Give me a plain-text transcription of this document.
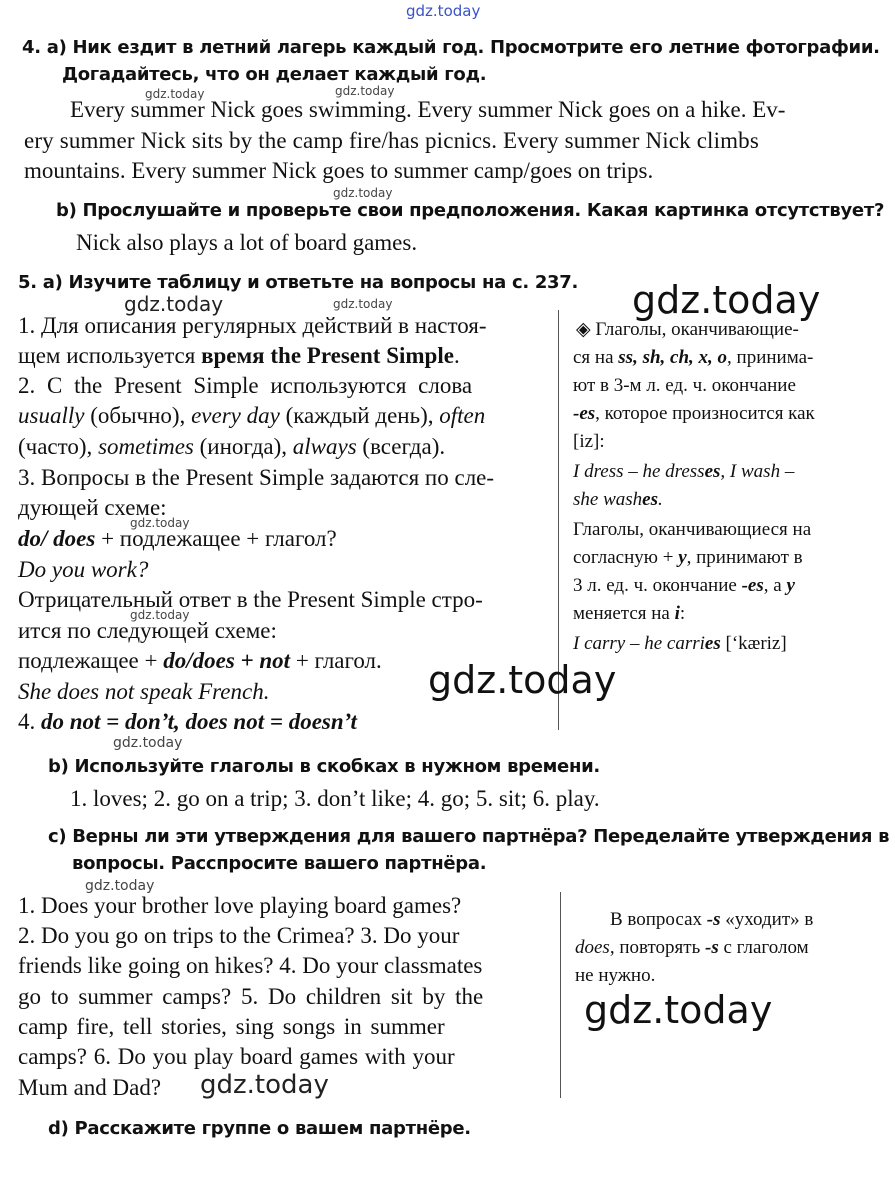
gdz.today
4. а) Ник ездит в летний лагерь каждый год. Просмотрите его летние фотографии.
Догадайтесь, что он делает каждый год.
gdz.today	gdz.today
Every summer Nick goes swimming. Every summer Nick goes on a hike. Ev-
ery summer Nick sits by the camp fire/has picnics. Every summer Nick climbs
mountains. Every summer Nick goes to summer camp/goes on trips.
gdz.today
b) Прослушайте и проверьте свои предположения. Какая картинка отсутствует?
Nick also plays a lot of board games.
5. а) Изучите таблицу и ответьте на вопросы на с. 237.
gdz.today	gdz.today	gdz.today
1. Для описания регулярных действий в настоя-
щем используется время the Present Simple.
2. С the Present Simple используются слова
usually (обычно), every day (каждый день), often
(часто), sometimes (иногда), always (всегда).
3. Вопросы в the Present Simple задаются по сле-
дующей схеме:
gdz.today
do/ does + подлежащее + глагол?
Do you work?
Отрицательный ответ в the Present Simple стро-
gdz.today
ится по следующей схеме:
подлежащее + do/does + not + глагол.
She does not speak French.
4. do not = don’t, does not = doesn’t
◈ Глаголы, оканчивающие-
ся на ss, sh, ch, x, o, принима-
ют в 3-м л. ед. ч. окончание
-es, которое произносится как
[iz]:
I dress – he dresses, I wash –
she washes.
Глаголы, оканчивающиеся на
согласную + y, принимают в
3 л. ед. ч. окончание -es, а y
меняется на i:
I carry – he carries [‘kæriz]
gdz.today
gdz.today
b) Используйте глаголы в скобках в нужном времени.
1. loves; 2. go on a trip; 3. don’t like; 4. go; 5. sit; 6. play.
с) Верны ли эти утверждения для вашего партнёра? Переделайте утверждения в
вопросы. Расспросите вашего партнёра.
gdz.today
1. Does your brother love playing board games?
2. Do you go on trips to the Crimea? 3. Do your
friends like going on hikes? 4. Do your classmates
go to summer camps? 5. Do children sit by the
camp fire, tell stories, sing songs in summer
camps? 6. Do you play board games with your
Mum and Dad? gdz.today
В вопросах -s «уходит» в
does, повторять -s с глаголом
не нужно.
gdz.today
d) Расскажите группе о вашем партнёре.
